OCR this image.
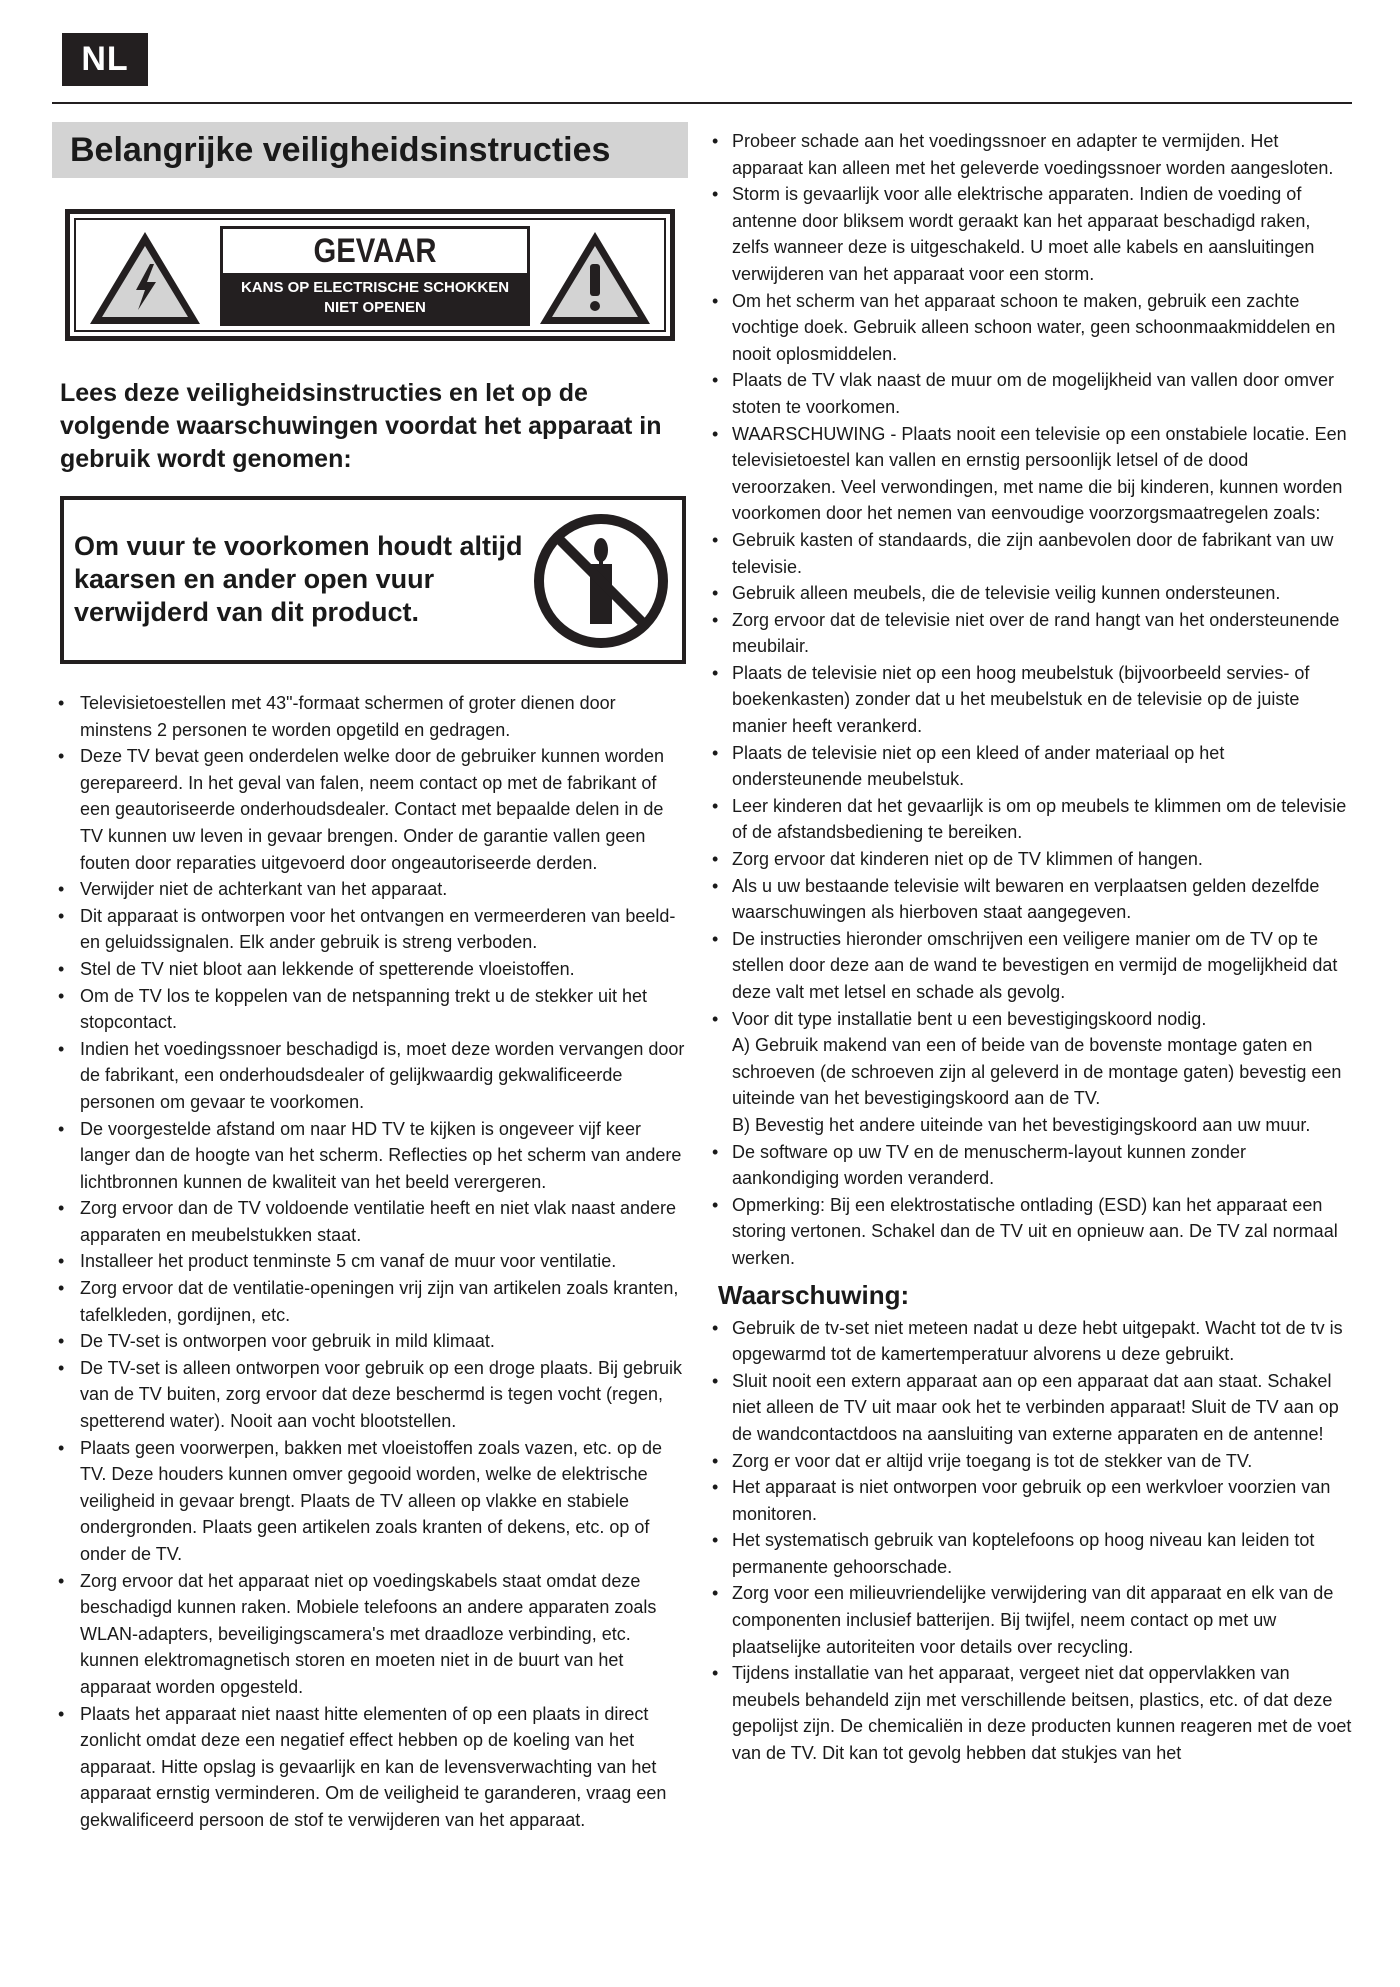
NL
Belangrijke veiligheidsinstructies
GEVAAR
KANS OP ELECTRISCHE SCHOKKEN
NIET OPENEN
Lees deze veiligheidsinstructies en let op de volgende waarschuwingen voordat het apparaat in gebruik wordt genomen:
Om vuur te voorkomen houdt altijd kaarsen en ander open vuur verwijderd van dit product.
• Televisietoestellen met 43"-formaat schermen of groter dienen door minstens 2 personen te worden opgetild en gedragen.
• Deze TV bevat geen onderdelen welke door de gebruiker kunnen worden gerepareerd. In het geval van falen, neem contact op met de fabrikant of een geautoriseerde onderhoudsdealer. Contact met bepaalde delen in de TV kunnen uw leven in gevaar brengen. Onder de garantie vallen geen fouten door reparaties uitgevoerd door ongeautoriseerde derden.
• Verwijder niet de achterkant van het apparaat.
• Dit apparaat is ontworpen voor het ontvangen en vermeerderen van beeld- en geluidssignalen. Elk ander gebruik is streng verboden.
• Stel de TV niet bloot aan lekkende of spetterende vloeistoffen.
• Om de TV los te koppelen van de netspanning trekt u de stekker uit het stopcontact.
• Indien het voedingssnoer beschadigd is, moet deze worden vervangen door de fabrikant, een onderhoudsdealer of gelijkwaardig gekwalificeerde personen om gevaar te voorkomen.
• De voorgestelde afstand om naar HD TV te kijken is ongeveer vijf keer langer dan de hoogte van het scherm. Reflecties op het scherm van andere lichtbronnen kunnen de kwaliteit van het beeld verergeren.
• Zorg ervoor dan de TV voldoende ventilatie heeft en niet vlak naast andere apparaten en meubelstukken staat.
• Installeer het product tenminste 5 cm vanaf de muur voor ventilatie.
• Zorg ervoor dat de ventilatie-openingen vrij zijn van artikelen zoals kranten, tafelkleden, gordijnen, etc.
• De TV-set is ontworpen voor gebruik in mild klimaat.
• De TV-set is alleen ontworpen voor gebruik op een droge plaats. Bij gebruik van de TV buiten, zorg ervoor dat deze beschermd is tegen vocht (regen, spetterend water). Nooit aan vocht blootstellen.
• Plaats geen voorwerpen, bakken met vloeistoffen zoals vazen, etc. op de TV. Deze houders kunnen omver gegooid worden, welke de elektrische veiligheid in gevaar brengt. Plaats de TV alleen op vlakke en stabiele ondergronden. Plaats geen artikelen zoals kranten of dekens, etc. op of onder de TV.
• Zorg ervoor dat het apparaat niet op voedingskabels staat omdat deze beschadigd kunnen raken. Mobiele telefoons an andere apparaten zoals WLAN-adapters, beveiligingscamera's met draadloze verbinding, etc. kunnen elektromagnetisch storen en moeten niet in de buurt van het apparaat worden opgesteld.
• Plaats het apparaat niet naast hitte elementen of op een plaats in direct zonlicht omdat deze een negatief effect hebben op de koeling van het apparaat. Hitte opslag is gevaarlijk en kan de levensverwachting van het apparaat ernstig verminderen. Om de veiligheid te garanderen, vraag een gekwalificeerd persoon de stof te verwijderen van het apparaat.
• Probeer schade aan het voedingssnoer en adapter te vermijden. Het apparaat kan alleen met het geleverde voedingssnoer worden aangesloten.
• Storm is gevaarlijk voor alle elektrische apparaten. Indien de voeding of antenne door bliksem wordt geraakt kan het apparaat beschadigd raken, zelfs wanneer deze is uitgeschakeld. U moet alle kabels en aansluitingen verwijderen van het apparaat voor een storm.
• Om het scherm van het apparaat schoon te maken, gebruik een zachte vochtige doek. Gebruik alleen schoon water, geen schoonmaakmiddelen en nooit oplosmiddelen.
• Plaats de TV vlak naast de muur om de mogelijkheid van vallen door omver stoten te voorkomen.
• WAARSCHUWING - Plaats nooit een televisie op een onstabiele locatie. Een televisietoestel kan vallen en ernstig persoonlijk letsel of de dood veroorzaken. Veel verwondingen, met name die bij kinderen, kunnen worden voorkomen door het nemen van eenvoudige voorzorgsmaatregelen zoals:
• Gebruik kasten of standaards, die zijn aanbevolen door de fabrikant van uw televisie.
• Gebruik alleen meubels, die de televisie veilig kunnen ondersteunen.
• Zorg ervoor dat de televisie niet over de rand hangt van het ondersteunende meubilair.
• Plaats de televisie niet op een hoog meubelstuk (bijvoorbeeld servies- of boekenkasten) zonder dat u het meubelstuk en de televisie op de juiste manier heeft verankerd.
• Plaats de televisie niet op een kleed of ander materiaal op het ondersteunende meubelstuk.
• Leer kinderen dat het gevaarlijk is om op meubels te klimmen om de televisie of de afstandsbediening te bereiken.
• Zorg ervoor dat kinderen niet op de TV klimmen of hangen.
• Als u uw bestaande televisie wilt bewaren en verplaatsen gelden dezelfde waarschuwingen als hierboven staat aangegeven.
• De instructies hieronder omschrijven een veiligere manier om de TV op te stellen door deze aan de wand te bevestigen en vermijd de mogelijkheid dat deze valt met letsel en schade als gevolg.
• Voor dit type installatie bent u een bevestigingskoord nodig.
A) Gebruik makend van een of beide van de bovenste montage gaten en schroeven (de schroeven zijn al geleverd in de montage gaten) bevestig een uiteinde van het bevestigingskoord aan de TV.
B) Bevestig het andere uiteinde van het bevestigingskoord aan uw muur.
• De software op uw TV en de menuscherm-layout kunnen zonder aankondiging worden veranderd.
• Opmerking: Bij een elektrostatische ontlading (ESD) kan het apparaat een storing vertonen. Schakel dan de TV uit en opnieuw aan. De TV zal normaal werken.
Waarschuwing:
• Gebruik de tv-set niet meteen nadat u deze hebt uitgepakt. Wacht tot de tv is opgewarmd tot de kamertemperatuur alvorens u deze gebruikt.
• Sluit nooit een extern apparaat aan op een apparaat dat aan staat. Schakel niet alleen de TV uit maar ook het te verbinden apparaat! Sluit de TV aan op de wandcontactdoos na aansluiting van externe apparaten en de antenne!
• Zorg er voor dat er altijd vrije toegang is tot de stekker van de TV.
• Het apparaat is niet ontworpen voor gebruik op een werkvloer voorzien van monitoren.
• Het systematisch gebruik van koptelefoons op hoog niveau kan leiden tot permanente gehoorschade.
• Zorg voor een milieuvriendelijke verwijdering van dit apparaat en elk van de componenten inclusief batterijen. Bij twijfel, neem contact op met uw plaatselijke autoriteiten voor details over recycling.
• Tijdens installatie van het apparaat, vergeet niet dat oppervlakken van meubels behandeld zijn met verschillende beitsen, plastics, etc. of dat deze gepolijst zijn. De chemicaliën in deze producten kunnen reageren met de voet van de TV. Dit kan tot gevolg hebben dat stukjes van het
